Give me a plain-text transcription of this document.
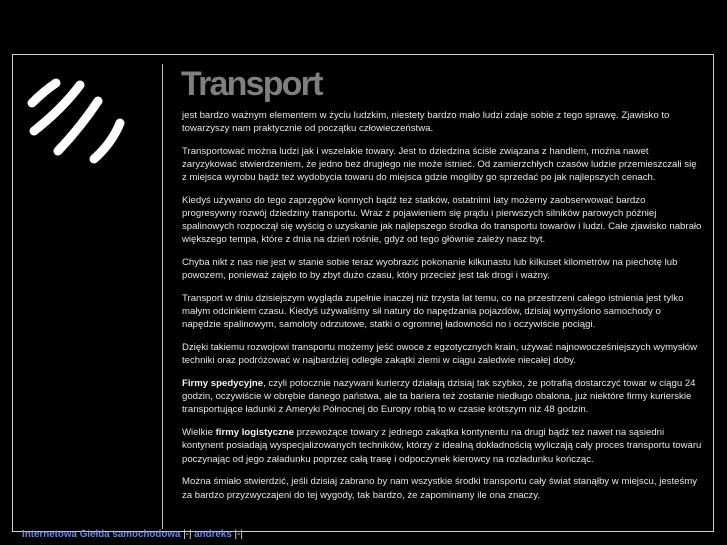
Transport

jest bardzo ważnym elementem w życiu ludzkim, niestety bardzo mało ludzi zdaje sobie z tego sprawę. Zjawisko to towarzyszy nam praktycznie od początku człowieczeństwa.

Transportować można ludzi jak i wszelakie towary. Jest to dziedzina ściśle związana z handlem, można nawet zaryzykować stwierdzeniem, że jedno bez drugiego nie może istnieć. Od zamierzchłych czasów ludzie przemieszczali się z miejsca wyrobu bądź też wydobycia towaru do miejsca gdzie mogliby go sprzedać po jak najlepszych cenach.

Kiedyś używano do tego zaprzęgów konnych bądź też statków, ostatnimi laty możemy zaobserwować bardzo progresywny rozwój dziedziny transportu. Wraz z pojawieniem się prądu i pierwszych silników parowych później spalinowych rozpoczął się wyścig o uzyskanie jak najlepszego środka do transportu towarów i ludzi. Całe zjawisko nabrało większego tempa, które z dnia na dzień rośnie, gdyż od tego głównie zależy nasz byt.

Chyba nikt z nas nie jest w stanie sobie teraz wyobrazić pokonanie kilkunastu lub kilkuset kilometrów na piechotę lub powozem, ponieważ zajęło to by zbyt dużo czasu, który przecież jest tak drogi i ważny.

Transport w dniu dzisiejszym wygląda zupełnie inaczej niż trzysta lat temu, co na przestrzeni całego istnienia jest tylko małym odcinkiem czasu. Kiedyś używaliśmy sił natury do napędzania pojazdów, dzisiaj wymyślono samochody o napędzie spalinowym, samoloty odrzutowe, statki o ogromnej ładowności no i oczywiście pociągi.

Dzięki takiemu rozwojowi transportu możemy jeść owoce z egzotycznych krain, używać najnowocześniejszych wymysłów techniki oraz podróżować w najbardziej odległe zakątki ziemi w ciągu zaledwie niecałej doby.

Firmy spedycyjne, czyli potocznie nazywani kurierzy działają dzisiaj tak szybko, że potrafią dostarczyć towar w ciągu 24 godzin, oczywiście w obrębie danego państwa, ale ta bariera też zostanie niedługo obalona, już niektóre firmy kurierskie transportujące ładunki z Ameryki Północnej do Europy robią to w czasie krótszym niż 48 godzin.

Wielkie firmy logistyczne przewożące towary z jednego zakątka kontynentu na drugi bądź też nawet na sąsiedni kontynent posiadają wyspecjalizowanych techników, którzy z idealną dokładnością wyliczają cały proces transportu towaru poczynając od jego załadunku poprzez całą trasę i odpoczynek kierowcy na rozładunku kończąc.

Można śmiało stwierdzić, jeśli dzisiaj zabrano by nam wszystkie środki transportu cały świat stanąłby w miejscu, jesteśmy za bardzo przyzwyczajeni do tej wygody, tak bardzo, że zapominamy ile ona znaczy.

Internetowa Giełda samochodowa |-| andreks |-|
